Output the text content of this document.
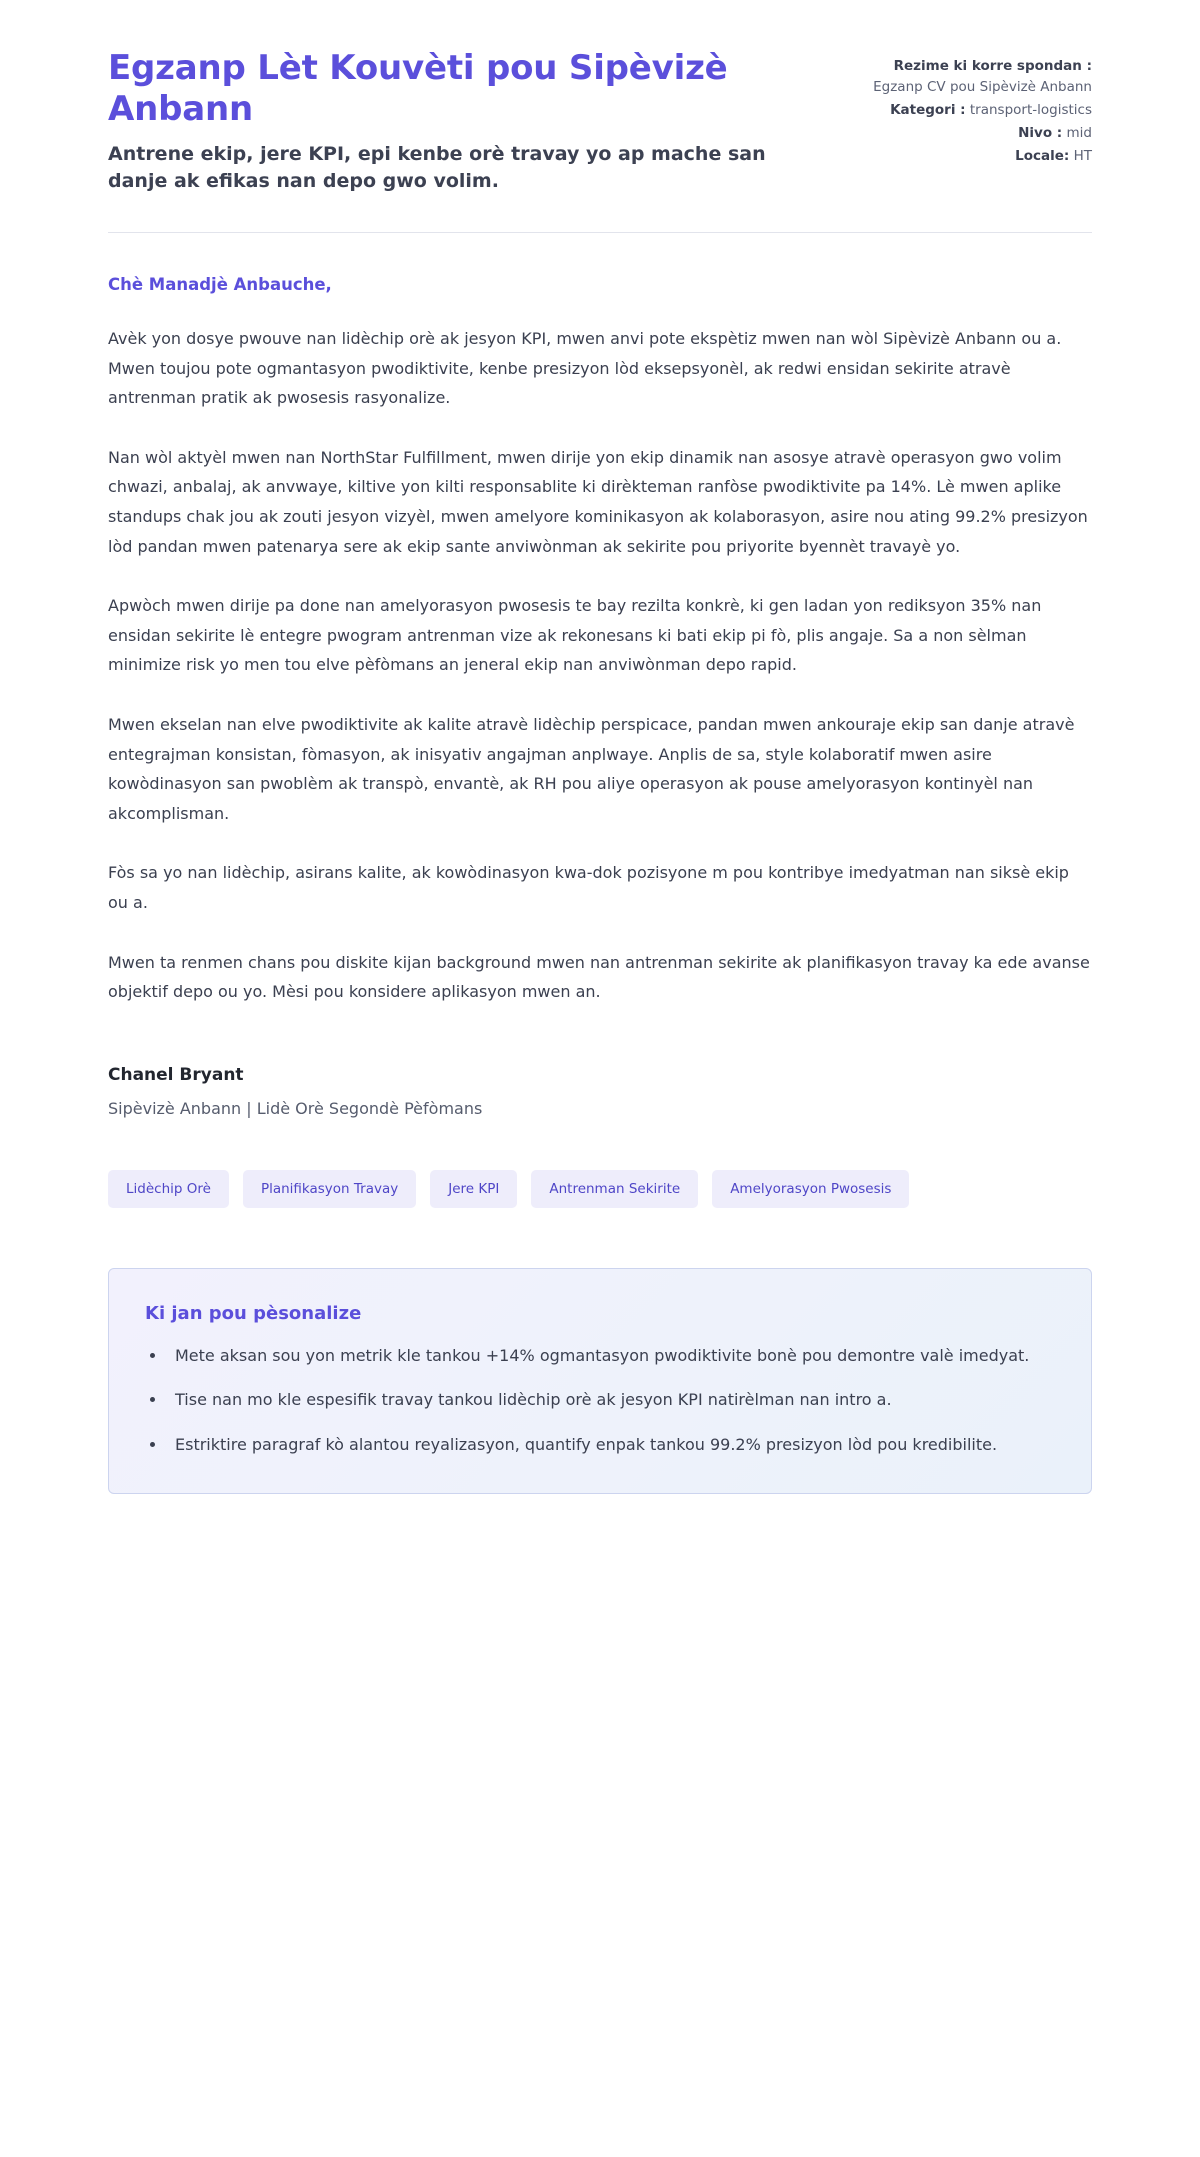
Egzanp Lèt Kouvèti pou Sipèvizè Anbann

Antrene ekip, jere KPI, epi kenbe orè travay yo ap mache san danje ak efikas nan depo gwo volim.

Rezime ki korre spondan :
Egzanp CV pou Sipèvizè Anbann
Kategori : transport-logistics
Nivo : mid
Locale: HT

Chè Manadjè Anbauche,

Avèk yon dosye pwouve nan lidèchip orè ak jesyon KPI, mwen anvi pote ekspètiz mwen nan wòl Sipèvizè Anbann ou a. Mwen toujou pote ogmantasyon pwodiktivite, kenbe presizyon lòd eksepsyonèl, ak redwi ensidan sekirite atravè antrenman pratik ak pwosesis rasyonalize.

Nan wòl aktyèl mwen nan NorthStar Fulfillment, mwen dirije yon ekip dinamik nan asosye atravè operasyon gwo volim chwazi, anbalaj, ak anvwaye, kiltive yon kilti responsablite ki dirèkteman ranfòse pwodiktivite pa 14%. Lè mwen aplike standups chak jou ak zouti jesyon vizyèl, mwen amelyore kominikasyon ak kolaborasyon, asire nou ating 99.2% presizyon lòd pandan mwen patenarya sere ak ekip sante anviwònman ak sekirite pou priyorite byennèt travayè yo.

Apwòch mwen dirije pa done nan amelyorasyon pwosesis te bay rezilta konkrè, ki gen ladan yon rediksyon 35% nan ensidan sekirite lè entegre pwogram antrenman vize ak rekonesans ki bati ekip pi fò, plis angaje. Sa a non sèlman minimize risk yo men tou elve pèfòmans an jeneral ekip nan anviwònman depo rapid.

Mwen ekselan nan elve pwodiktivite ak kalite atravè lidèchip perspicace, pandan mwen ankouraje ekip san danje atravè entegrajman konsistan, fòmasyon, ak inisyativ angajman anplwaye. Anplis de sa, style kolaboratif mwen asire kowòdinasyon san pwoblèm ak transpò, envantè, ak RH pou aliye operasyon ak pouse amelyorasyon kontinyèl nan akcomplisman.

Fòs sa yo nan lidèchip, asirans kalite, ak kowòdinasyon kwa-dok pozisyone m pou kontribye imedyatman nan siksè ekip ou a.

Mwen ta renmen chans pou diskite kijan background mwen nan antrenman sekirite ak planifikasyon travay ka ede avanse objektif depo ou yo. Mèsi pou konsidere aplikasyon mwen an.

Chanel Bryant

Sipèvizè Anbann | Lidè Orè Segondè Pèfòmans

Lidèchip Orè	Planifikasyon Travay	Jere KPI	Antrenman Sekirite	Amelyorasyon Pwosesis
Ki jan pou pèsonalize
• Mete aksan sou yon metrik kle tankou +14% ogmantasyon pwodiktivite bonè pou demontre valè imedyat.
• Tise nan mo kle espesifik travay tankou lidèchip orè ak jesyon KPI natirèlman nan intro a.
• Estriktire paragraf kò alantou reyalizasyon, quantify enpak tankou 99.2% presizyon lòd pou kredibilite.
